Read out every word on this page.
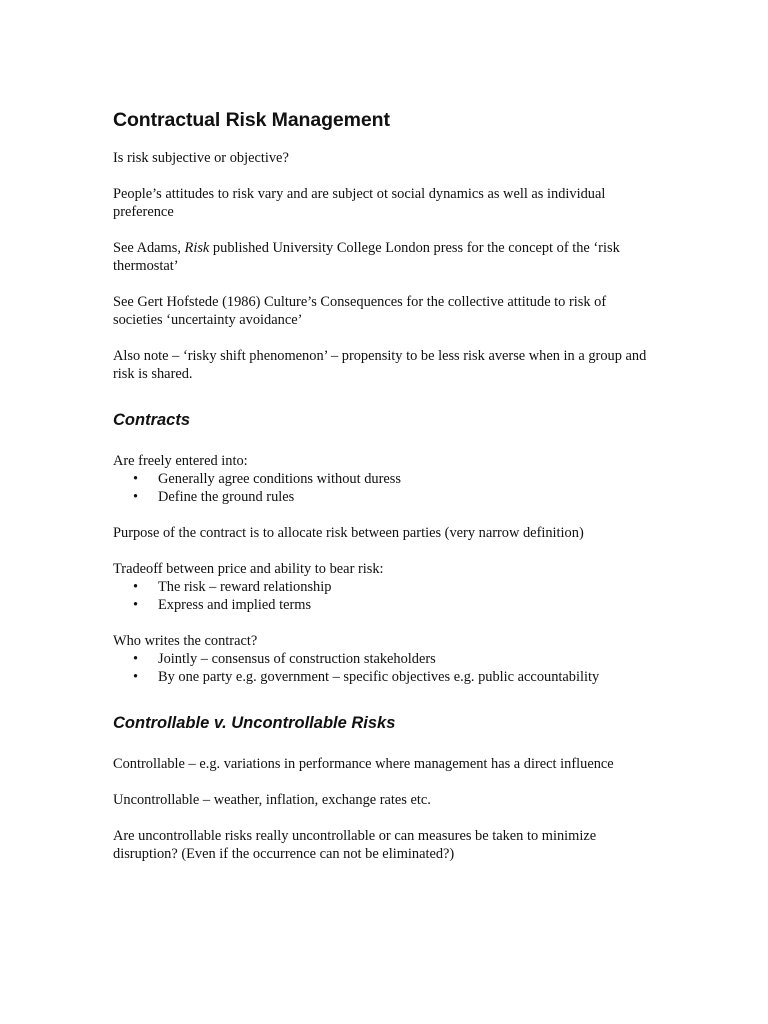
Contractual Risk Management

Is risk subjective or objective?

People’s attitudes to risk vary and are subject ot social dynamics as well as individual preference

See Adams, Risk published University College London press for the concept of the ‘risk thermostat’

See Gert Hofstede (1986) Culture’s Consequences for the collective attitude to risk of societies ‘uncertainty avoidance’

Also note – ‘risky shift phenomenon’ – propensity to be less risk averse when in a group and risk is shared.

Contracts

Are freely entered into:

• Generally agree conditions without duress
• Define the ground rules

Purpose of the contract is to allocate risk between parties (very narrow definition)

Tradeoff between price and ability to bear risk:

• The risk – reward relationship
• Express and implied terms

Who writes the contract?

• Jointly – consensus of construction stakeholders
• By one party e.g. government – specific objectives e.g. public accountability
Controllable v. Uncontrollable Risks

Controllable – e.g. variations in performance where management has a direct influence

Uncontrollable – weather, inflation, exchange rates etc.

Are uncontrollable risks really uncontrollable or can measures be taken to minimize disruption? (Even if the occurrence can not be eliminated?)
